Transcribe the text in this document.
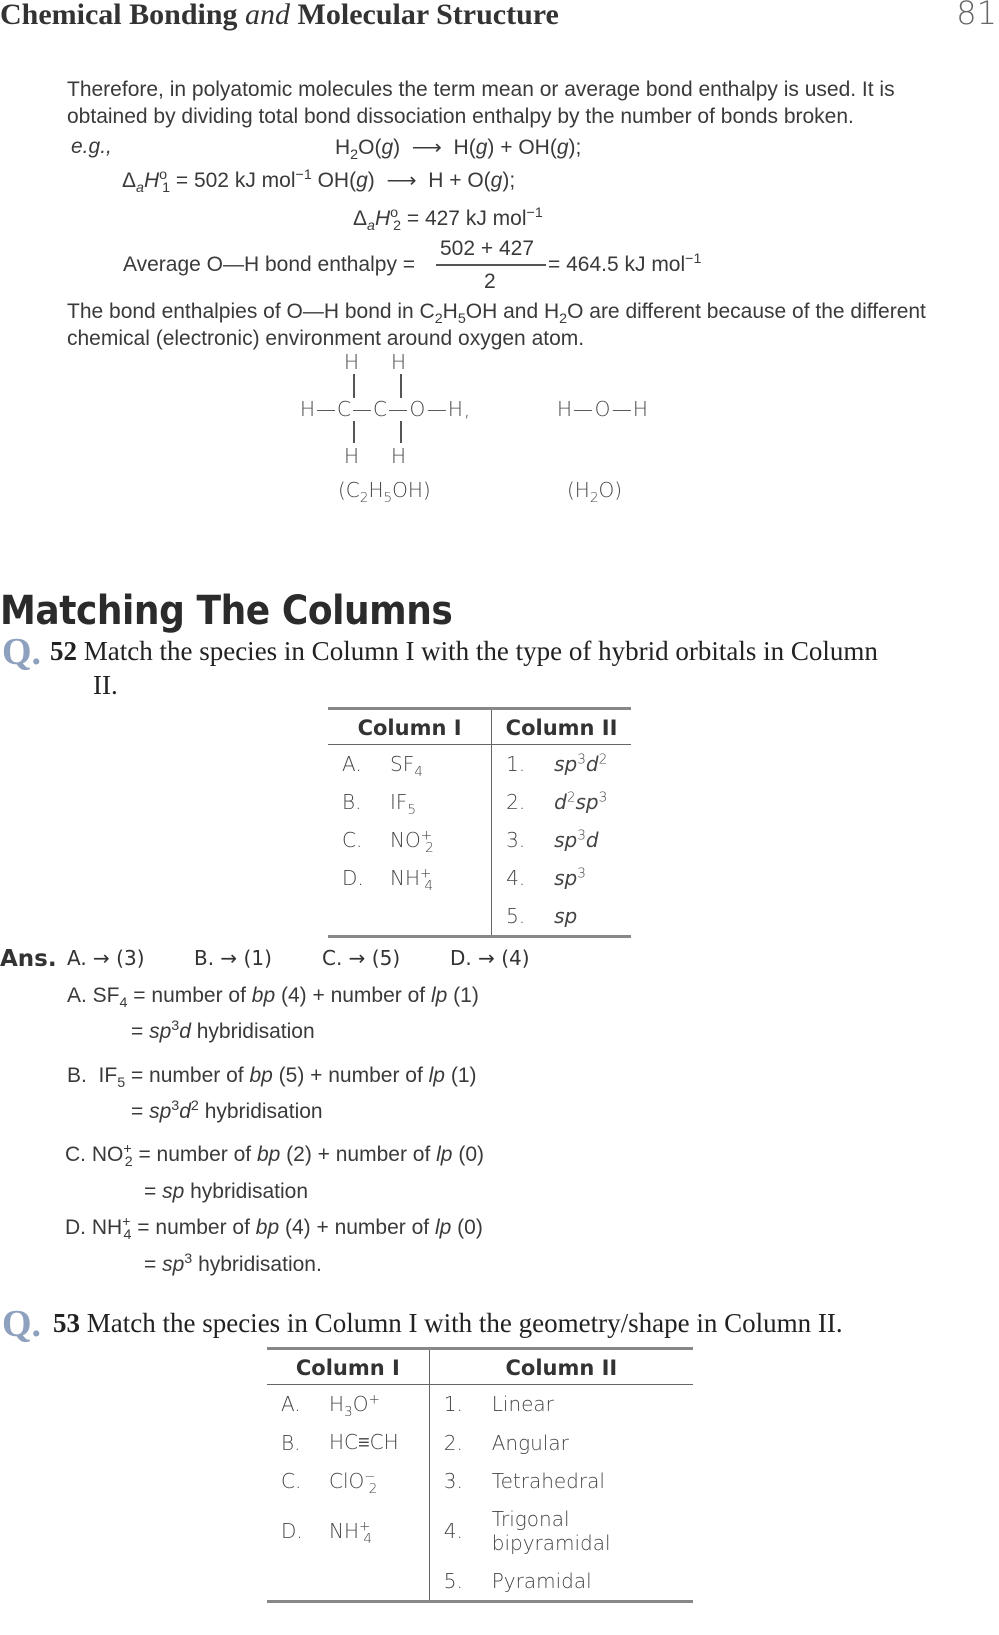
Chemical Bonding and Molecular Structure	81
Therefore, in polyatomic molecules the term mean or average bond enthalpy is used. It is
obtained by dividing total bond dissociation enthalpy by the number of bonds broken.
e.g.,	$H_2O(g)$  ⟶  H(g) + OH(g);
$\Delta_aH^o_1 = 502$ kJ mol$^{-1}$ OH(g)  ⟶  H + O(g);
$\Delta_aH^o_2 = 427$ kJ mol$^{-1}$
Average O—H bond enthalpy =
502 + 427
2
= 464.5 kJ mol$^{-1}$
The bond enthalpies of O—H bond in $C_2H_5OH$ and $H_2O$ are different because of the different
chemical (electronic) environment around oxygen atom.
H H
H—C—C—O—H,
H H
$(C_2H_5OH)$
H—O—H
$(H_2O)$
Matching The Columns
Q. 52 Match the species in Column I with the type of hybrid orbitals in Column
II.
Column I		Column II	
A.	$SF_4$	1.	$sp^3d^2$
B.	$IF_5$	2.	$d^2sp^3$
C.	$NO^+_2$	3.	$sp^3d$
D.	$NH^+_4$	4.	$sp^3$
		5.	sp
Ans. A. → (3) B. → (1)	C. → (5) D. → (4)
A. $SF_4$ = number of bp (4) + number of lp (1)
= $sp^3d$ hybridisation
B.  $IF_5$ = number of bp (5) + number of lp (1)
= $sp^3d^2$ hybridisation
C. $NO^+_2$ = number of bp (2) + number of lp (0)
= sp hybridisation
D. $NH^+_4$ = number of bp (4) + number of lp (0)
= $sp^3$ hybridisation.
Q. 53 Match the species in Column I with the geometry/shape in Column II.
Column I		Column II	
A.	$H_3O^+$	1.	Linear
B.	HC≡CH	2.	Angular
C.	ClO−$_2$	3.	Tetrahedral
D.	$NH^+_4$	4.	Trigonal bipyramidal
		5.	Pyramidal
